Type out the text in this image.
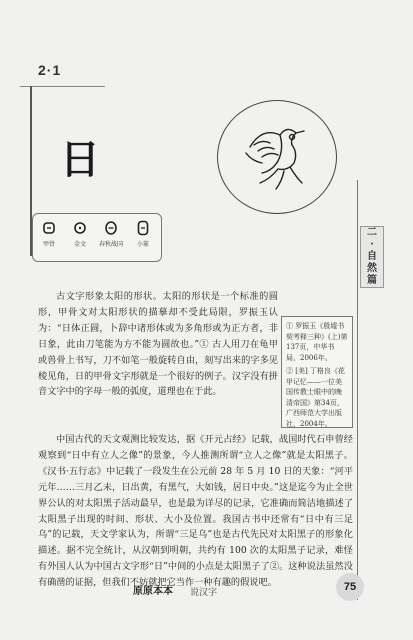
2·1
日
二
·
自
然
篇
甲骨	金文	春秋战国	小篆
古文字形象太阳的形状。太阳的形状是一个标准的圆形，甲骨文对太阳形状的描摹却不受此局限，罗振玉认为：“日体正圆，卜辞中诸形体或为多角形或为正方者，非日象，此由刀笔能为方不能为圆故也。”① 古人用刀在龟甲或兽骨上书写，刀不如笔一般旋转自由，刻写出来的字多见棱见角，日的甲骨文字形就是一个很好的例子。汉字没有拼音文字中的字母一般的弧度，道理也在于此。
① 罗振玉《殷墟书契考释三种》(上)第137页，中华书局，2006年。
② [美] 丁格良《花甲记忆——一位美国传教士眼中的晚清帝国》第34页，广西师范大学出版社，2004年。
中国古代的天文观测比较发达，据《开元占经》记载，战国时代石申曾经观察到“日中有立人之像”的景象，今人推测所谓“立人之像”就是太阳黑子。《汉书·五行志》中记载了一段发生在公元前 28 年 5 月 10 日的天象：“河平元年……三月乙未，日出黄，有黑气，大如钱，居日中央。”这是迄今为止全世界公认的对太阳黑子活动最早，也是最为详尽的记录，它准确而简洁地描述了太阳黑子出现的时间、形状、大小及位置。我国古书中还常有“日中有三足乌”的记载，天文学家认为，所谓“三足乌”也是古代先民对太阳黑子的形象化描述。据不完全统计，从汉朝到明朝，共约有 100 次的太阳黑子记录，难怪有外国人认为中国古文字形“日”中间的小点是太阳黑子了②。这种说法虽然没有确凿的证据，但我们不妨就把它当作一种有趣的假说吧。
原原本本 说汉字	75
